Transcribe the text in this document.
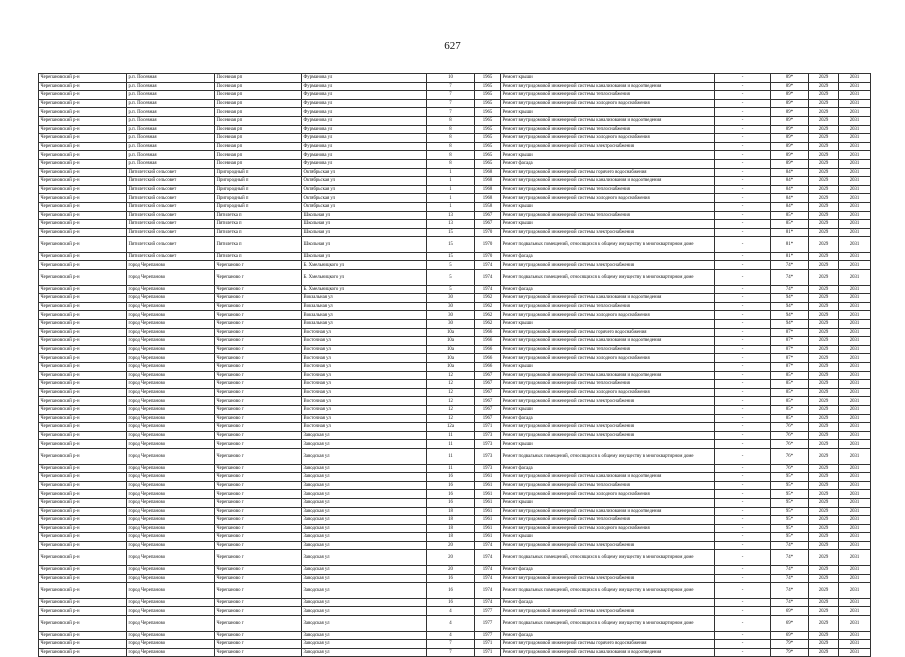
627
Черепановский р-н	р.п. Посевная	Посевная рп	Фурманова ул	10	1965	Ремонт крыши	-	89*	2029	2031
Черепановский р-н	р.п. Посевная	Посевная рп	Фурманова ул	7	1965	Ремонт внутридомовой инженерной системы канализования и водоотведения	-	89*	2029	2031
Черепановский р-н	р.п. Посевная	Посевная рп	Фурманова ул	7	1965	Ремонт внутридомовой инженерной системы теплоснабжения	-	89*	2029	2031
Черепановский р-н	р.п. Посевная	Посевная рп	Фурманова ул	7	1965	Ремонт внутридомовой инженерной системы холодного водоснабжения	-	89*	2029	2031
Черепановский р-н	р.п. Посевная	Посевная рп	Фурманова ул	7	1965	Ремонт крыши	-	89*	2029	2031
Черепановский р-н	р.п. Посевная	Посевная рп	Фурманова ул	8	1965	Ремонт внутридомовой инженерной системы канализования и водоотведения	-	89*	2029	2031
Черепановский р-н	р.п. Посевная	Посевная рп	Фурманова ул	8	1965	Ремонт внутридомовой инженерной системы теплоснабжения	-	89*	2029	2031
Черепановский р-н	р.п. Посевная	Посевная рп	Фурманова ул	8	1965	Ремонт внутридомовой инженерной системы холодного водоснабжения	-	89*	2029	2031
Черепановский р-н	р.п. Посевная	Посевная рп	Фурманова ул	8	1965	Ремонт внутридомовой инженерной системы электроснабжения	-	89*	2029	2031
Черепановский р-н	р.п. Посевная	Посевная рп	Фурманова ул	8	1965	Ремонт крыши	-	89*	2029	2031
Черепановский р-н	р.п. Посевная	Посевная рп	Фурманова ул	8	1965	Ремонт фасада	-	89*	2029	2031
Черепановский р-н	Пятилетский сельсовет	Пригородный п	Октябрьская ул	1	1968	Ремонт внутридомовой инженерной системы горячего водоснабжения	-	84*	2029	2031
Черепановский р-н	Пятилетский сельсовет	Пригородный п	Октябрьская ул	1	1968	Ремонт внутридомовой инженерной системы канализования и водоотведения	-	84*	2029	2031
Черепановский р-н	Пятилетский сельсовет	Пригородный п	Октябрьская ул	1	1968	Ремонт внутридомовой инженерной системы теплоснабжения	-	84*	2029	2031
Черепановский р-н	Пятилетский сельсовет	Пригородный п	Октябрьская ул	1	1968	Ремонт внутридомовой инженерной системы холодного водоснабжения	-	84*	2029	2031
Черепановский р-н	Пятилетский сельсовет	Пригородный п	Октябрьская ул	1	1958	Ремонт крыши	-	84*	2029	2031
Черепановский р-н	Пятилетский сельсовет	Пятилетка п	Школьная ул	13	1967	Ремонт внутридомовой инженерной системы теплоснабжения	-	85*	2029	2031
Черепановский р-н	Пятилетский сельсовет	Пятилетка п	Школьная ул	13	1967	Ремонт крыши	-	85*	2029	2031
Черепановский р-н	Пятилетский сельсовет	Пятилетка п	Школьная ул	15	1970	Ремонт внутридомовой инженерной системы электроснабжения	-	81*	2029	2031
Черепановский р-н	Пятилетский сельсовет	Пятилетка п	Школьная ул	15	1970	Ремонт подвальных помещений, относящихся к общему имуществу в многоквартирном доме	-	81*	2029	2031
Черепановский р-н	Пятилетский сельсовет	Пятилетка п	Школьная ул	15	1970	Ремонт фасада	-	81*	2029	2031
Черепановский р-н	город Черепаново	Черепаново г	Б. Хмельницкого ул	5	1974	Ремонт внутридомовой инженерной системы электроснабжения	-	74*	2029	2031
Черепановский р-н	город Черепаново	Черепаново г	Б. Хмельницкого ул	5	1974	Ремонт подвальных помещений, относящихся к общему имуществу в многоквартирном доме	-	74*	2029	2031
Черепановский р-н	город Черепаново	Черепаново г	Б. Хмельницкого ул	5	1974	Ремонт фасада	-	74*	2029	2031
Черепановский р-н	город Черепаново	Черепаново г	Вокзальная ул	30	1962	Ремонт внутридомовой инженерной системы канализования и водоотведения	-	94*	2029	2031
Черепановский р-н	город Черепаново	Черепаново г	Вокзальная ул	30	1962	Ремонт внутридомовой инженерной системы теплоснабжения	-	94*	2029	2031
Черепановский р-н	город Черепаново	Черепаново г	Вокзальная ул	30	1962	Ремонт внутридомовой инженерной системы холодного водоснабжения	-	94*	2029	2031
Черепановский р-н	город Черепаново	Черепаново г	Вокзальная ул	30	1962	Ремонт крыши	-	94*	2029	2031
Черепановский р-н	город Черепаново	Черепаново г	Восточная ул	10а	1966	Ремонт внутридомовой инженерной системы горячего водоснабжения	-	87*	2029	2031
Черепановский р-н	город Черепаново	Черепаново г	Восточная ул	10а	1966	Ремонт внутридомовой инженерной системы канализования и водоотведения	-	87*	2029	2031
Черепановский р-н	город Черепаново	Черепаново г	Восточная ул	10а	1966	Ремонт внутридомовой инженерной системы теплоснабжения	-	87*	2029	2031
Черепановский р-н	город Черепаново	Черепаново г	Восточная ул	10а	1966	Ремонт внутридомовой инженерной системы холодного водоснабжения	-	87*	2029	2031
Черепановский р-н	город Черепаново	Черепаново г	Восточная ул	10а	1966	Ремонт крыши	-	87*	2029	2031
Черепановский р-н	город Черепаново	Черепаново г	Восточная ул	12	1967	Ремонт внутридомовой инженерной системы канализования и водоотведения	-	85*	2029	2031
Черепановский р-н	город Черепаново	Черепаново г	Восточная ул	12	1967	Ремонт внутридомовой инженерной системы теплоснабжения	-	85*	2029	2031
Черепановский р-н	город Черепаново	Черепаново г	Восточная ул	12	1967	Ремонт внутридомовой инженерной системы холодного водоснабжения	-	85*	2029	2031
Черепановский р-н	город Черепаново	Черепаново г	Восточная ул	12	1967	Ремонт внутридомовой инженерной системы электроснабжения	-	85*	2029	2031
Черепановский р-н	город Черепаново	Черепаново г	Восточная ул	12	1967	Ремонт крыши	-	85*	2029	2031
Черепановский р-н	город Черепаново	Черепаново г	Восточная ул	12	1967	Ремонт фасада	-	85*	2029	2031
Черепановский р-н	город Черепаново	Черепаново г	Восточная ул	12а	1971	Ремонт внутридомовой инженерной системы электроснабжения	-	76*	2029	2031
Черепановский р-н	город Черепаново	Черепаново г	Заводская ул	11	1973	Ремонт внутридомовой инженерной системы электроснабжения	-	76*	2029	2031
Черепановский р-н	город Черепаново	Черепаново г	Заводская ул	11	1973	Ремонт крыши	-	76*	2029	2031
Черепановский р-н	город Черепаново	Черепаново г	Заводская ул	11	1973	Ремонт подвальных помещений, относящихся к общему имуществу в многоквартирном доме	-	76*	2029	2031
Черепановский р-н	город Черепаново	Черепаново г	Заводская ул	11	1973	Ремонт фасада	-	76*	2029	2031
Черепановский р-н	город Черепаново	Черепаново г	Заводская ул	16	1961	Ремонт внутридомовой инженерной системы канализования и водоотведения	-	95*	2029	2031
Черепановский р-н	город Черепаново	Черепаново г	Заводская ул	16	1961	Ремонт внутридомовой инженерной системы теплоснабжения	-	95*	2029	2031
Черепановский р-н	город Черепаново	Черепаново г	Заводская ул	16	1961	Ремонт внутридомовой инженерной системы холодного водоснабжения	-	95*	2029	2031
Черепановский р-н	город Черепаново	Черепаново г	Заводская ул	16	1961	Ремонт крыши	-	95*	2029	2031
Черепановский р-н	город Черепаново	Черепаново г	Заводская ул	18	1961	Ремонт внутридомовой инженерной системы канализования и водоотведения	-	95*	2029	2031
Черепановский р-н	город Черепаново	Черепаново г	Заводская ул	18	1961	Ремонт внутридомовой инженерной системы теплоснабжения	-	95*	2029	2031
Черепановский р-н	город Черепаново	Черепаново г	Заводская ул	18	1961	Ремонт внутридомовой инженерной системы холодного водоснабжения	-	95*	2029	2031
Черепановский р-н	город Черепаново	Черепаново г	Заводская ул	18	1961	Ремонт крыши	-	95*	2029	2031
Черепановский р-н	город Черепаново	Черепаново г	Заводская ул	20	1974	Ремонт внутридомовой инженерной системы электроснабжения	-	74*	2029	2031
Черепановский р-н	город Черепаново	Черепаново г	Заводская ул	20	1974	Ремонт подвальных помещений, относящихся к общему имуществу в многоквартирном доме	-	74*	2029	2031
Черепановский р-н	город Черепаново	Черепаново г	Заводская ул	20	1974	Ремонт фасада	-	74*	2029	2031
Черепановский р-н	город Черепаново	Черепаново г	Заводская ул	16	1974	Ремонт внутридомовой инженерной системы электроснабжения	-	74*	2029	2031
Черепановский р-н	город Черепаново	Черепаново г	Заводская ул	16	1974	Ремонт подвальных помещений, относящихся к общему имуществу в многоквартирном доме	-	74*	2029	2031
Черепановский р-н	город Черепаново	Черепаново г	Заводская ул	16	1974	Ремонт фасада	-	74*	2029	2031
Черепановский р-н	город Черепаново	Черепаново г	Заводская ул	4	1977	Ремонт внутридомовой инженерной системы электроснабжения	-	69*	2029	2031
Черепановский р-н	город Черепаново	Черепаново г	Заводская ул	4	1977	Ремонт подвальных помещений, относящихся к общему имуществу в многоквартирном доме	-	69*	2029	2031
Черепановский р-н	город Черепаново	Черепаново г	Заводская ул	4	1977	Ремонт фасада	-	69*	2029	2031
Черепановский р-н	город Черепаново	Черепаново г	Заводская ул	7	1971	Ремонт внутридомовой инженерной системы горячего водоснабжения	-	79*	2029	2031
Черепановский р-н	город Черепаново	Черепаново г	Заводская ул	7	1971	Ремонт внутридомовой инженерной системы канализования и водоотведения	-	79*	2029	2031
